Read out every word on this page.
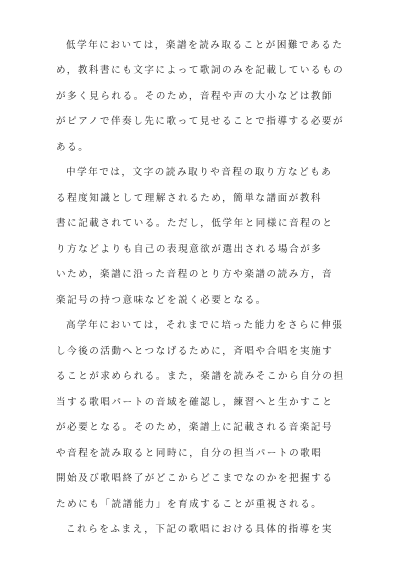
低学年においては，楽譜を読み取ることが困難であるた
め，教科書にも文字によって歌詞のみを記載しているもの
が多く見られる。そのため，音程や声の大小などは教師
がピアノで伴奏し先に歌って見せることで指導する必要が
ある。
中学年では，文字の読み取りや音程の取り方などもあ
る程度知識として理解されるため，簡単な譜面が教科
書に記載されている。ただし，低学年と同様に音程のと
り方などよりも自己の表現意欲が選出される場合が多
いため，楽譜に沿った音程のとり方や楽譜の読み方，音
楽記号の持つ意味などを説く必要となる。
高学年においては，それまでに培った能力をさらに伸張
し今後の活動へとつなげるために，斉唱や合唱を実施す
ることが求められる。また，楽譜を読みそこから自分の担
当する歌唱パートの音域を確認し，練習へと生かすこと
が必要となる。そのため，楽譜上に記載される音楽記号
や音程を読み取ると同時に，自分の担当パートの歌唱
開始及び歌唱終了がどこからどこまでなのかを把握する
ためにも「読譜能力」を育成することが重視される。
これらをふまえ，下記の歌唱における具体的指導を実
